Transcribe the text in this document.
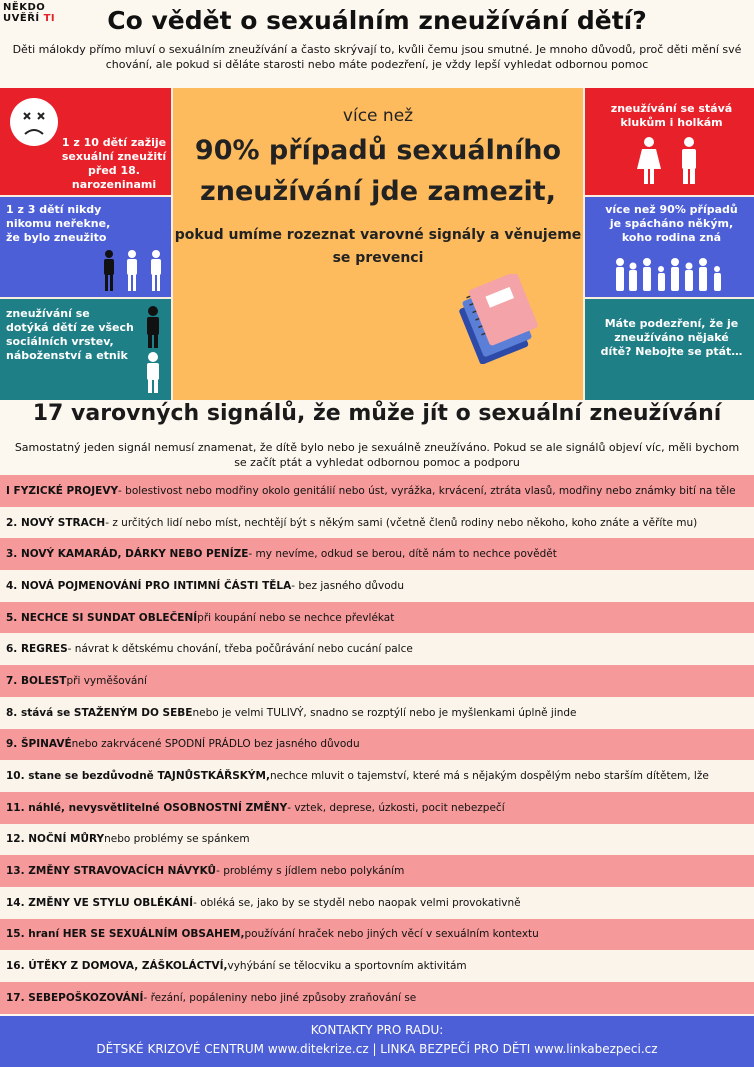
NĚKDO
UVĚŘÍ TI	Co vědět o sexuálním zneužívání dětí?
Děti málokdy přímo mluví o sexuálním zneužívání a často skrývají to, kvůli čemu jsou smutné. Je mnoho důvodů, proč děti mění své chování, ale pokud si děláte starosti nebo máte podezření, je vždy lepší vyhledat odbornou pomoc
1 z 10 dětí zažije sexuální zneužití před 18. narozeninami
1 z 3 dětí nikdy nikomu neřekne, že bylo zneužito
zneužívání se dotýká dětí ze všech sociálních vrstev, náboženství a etnik
více než
90% případů sexuálního zneužívání jde zamezit,
pokud umíme rozeznat varovné signály a věnujeme se prevenci
zneužívání se stává klukům i holkám
více než 90% případů je spácháno někým, koho rodina zná
Máte podezření, že je zneužíváno nějaké dítě? Nebojte se ptát…
17 varovných signálů, že může jít o sexuální zneužívání
Samostatný jeden signál nemusí znamenat, že dítě bylo nebo je sexuálně zneužíváno. Pokud se ale signálů objeví víc, měli bychom se začít ptát a vyhledat odbornou pomoc a podporu
I FYZICKÉ PROJEVY - bolestivost nebo modřiny okolo genitálií nebo úst, vyrážka, krvácení, ztráta vlasů, modřiny nebo známky bití na těle
2. NOVÝ STRACH - z určitých lidí nebo míst, nechtějí být s někým sami (včetně členů rodiny nebo někoho, koho znáte a věříte mu)
3. NOVÝ KAMARÁD, DÁRKY NEBO PENÍZE - my nevíme, odkud se berou, dítě nám to nechce povědět
4. NOVÁ POJMENOVÁNÍ PRO INTIMNÍ ČÁSTI TĚLA - bez jasného důvodu
5. NECHCE SI SUNDAT OBLEČENÍ při koupání nebo se nechce převlékat
6. REGRES - návrat k dětskému chování, třeba počůrávání nebo cucání palce
7. BOLEST při vyměšování
8. stává se STAŽENÝM DO SEBE nebo je velmi TULIVÝ, snadno se rozptýlí nebo je myšlenkami úplně jinde
9. ŠPINAVÉ nebo zakrvácené SPODNÍ PRÁDLO bez jasného důvodu
10. stane se bezdůvodně TAJNŮSTKÁŘSKÝM, nechce mluvit o tajemství, které má s nějakým dospělým nebo starším dítětem, lže
11. náhlé, nevysvětlitelné OSOBNOSTNÍ ZMĚNY - vztek, deprese, úzkosti, pocit nebezpečí
12. NOČNÍ MŮRY nebo problémy se spánkem
13. ZMĚNY STRAVOVACÍCH NÁVYKŮ - problémy s jídlem nebo polykáním
14. ZMĚNY VE STYLU OBLÉKÁNÍ - obléká se, jako by se styděl nebo naopak velmi provokativně
15. hraní HER SE SEXUÁLNÍM OBSAHEM, používání hraček nebo jiných věcí v sexuálním kontextu
16. ÚTĚKY Z DOMOVA, ZÁŠKOLÁCTVÍ, vyhýbání se tělocviku a sportovním aktivitám
17. SEBEPOŠKOZOVÁNÍ - řezání, popáleniny nebo jiné způsoby zraňování se
KONTAKTY PRO RADU:
DĚTSKÉ KRIZOVÉ CENTRUM www.ditekrize.cz | LINKA BEZPEČÍ PRO DĚTI www.linkabezpeci.cz
